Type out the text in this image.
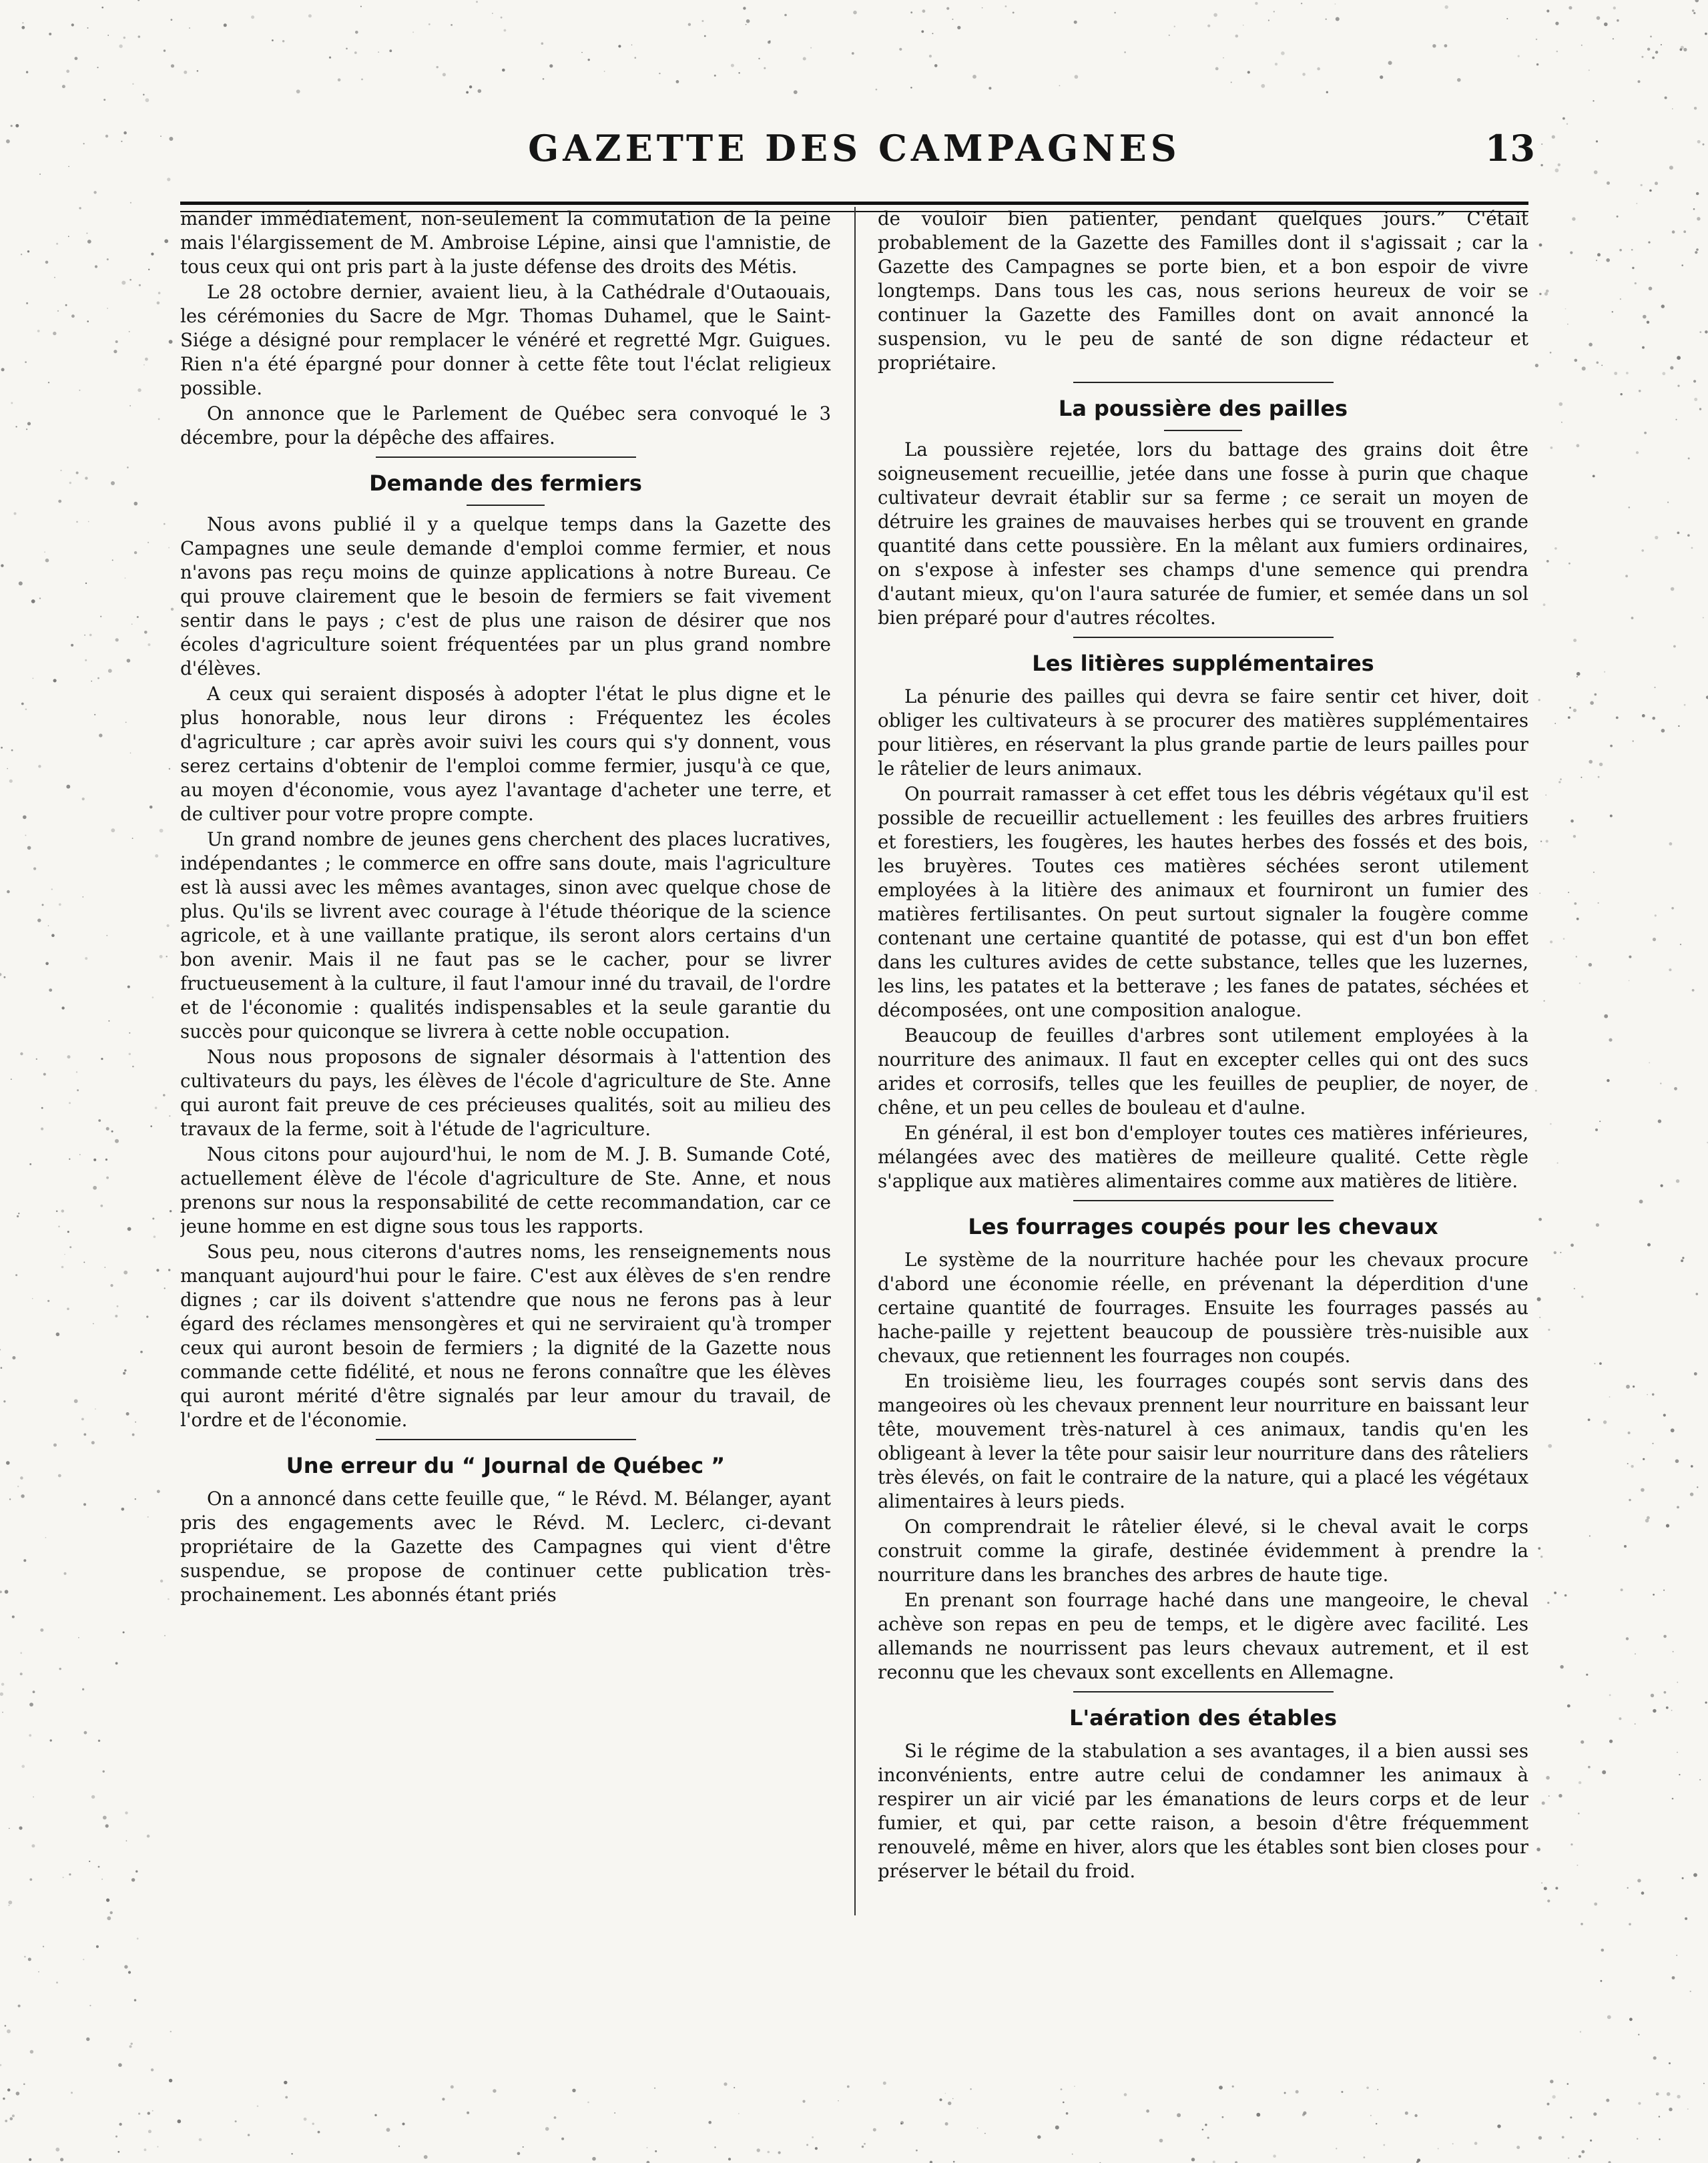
GAZETTE DES CAMPAGNES	13

mander immédiatement, non-seulement la commutation de la peine mais l'élargissement de M. Ambroise Lépine, ainsi que l'amnistie, de tous ceux qui ont pris part à la juste défense des droits des Métis.

Le 28 octobre dernier, avaient lieu, à la Cathédrale d'Outaouais, les cérémonies du Sacre de Mgr. Thomas Duhamel, que le Saint-Siége a désigné pour remplacer le vénéré et regretté Mgr. Guigues. Rien n'a été épargné pour donner à cette fête tout l'éclat religieux possible.

On annonce que le Parlement de Québec sera convoqué le 3 décembre, pour la dépêche des affaires.

Demande des fermiers

Nous avons publié il y a quelque temps dans la Gazette des Campagnes une seule demande d'emploi comme fermier, et nous n'avons pas reçu moins de quinze applications à notre Bureau. Ce qui prouve clairement que le besoin de fermiers se fait vivement sentir dans le pays ; c'est de plus une raison de désirer que nos écoles d'agriculture soient fréquentées par un plus grand nombre d'élèves.

A ceux qui seraient disposés à adopter l'état le plus digne et le plus honorable, nous leur dirons : Fréquentez les écoles d'agriculture ; car après avoir suivi les cours qui s'y donnent, vous serez certains d'obtenir de l'emploi comme fermier, jusqu'à ce que, au moyen d'économie, vous ayez l'avantage d'acheter une terre, et de cultiver pour votre propre compte.

Un grand nombre de jeunes gens cherchent des places lucratives, indépendantes ; le commerce en offre sans doute, mais l'agriculture est là aussi avec les mêmes avantages, sinon avec quelque chose de plus. Qu'ils se livrent avec courage à l'étude théorique de la science agricole, et à une vaillante pratique, ils seront alors certains d'un bon avenir. Mais il ne faut pas se le cacher, pour se livrer fructueusement à la culture, il faut l'amour inné du travail, de l'ordre et de l'économie : qualités indispensables et la seule garantie du succès pour quiconque se livrera à cette noble occupation.

Nous nous proposons de signaler désormais à l'attention des cultivateurs du pays, les élèves de l'école d'agriculture de Ste. Anne qui auront fait preuve de ces précieuses qualités, soit au milieu des travaux de la ferme, soit à l'étude de l'agriculture.

Nous citons pour aujourd'hui, le nom de M. J. B. Sumande Coté, actuellement élève de l'école d'agriculture de Ste. Anne, et nous prenons sur nous la responsabilité de cette recommandation, car ce jeune homme en est digne sous tous les rapports.

Sous peu, nous citerons d'autres noms, les renseignements nous manquant aujourd'hui pour le faire. C'est aux élèves de s'en rendre dignes ; car ils doivent s'attendre que nous ne ferons pas à leur égard des réclames mensongères et qui ne serviraient qu'à tromper ceux qui auront besoin de fermiers ; la dignité de la Gazette nous commande cette fidélité, et nous ne ferons connaître que les élèves qui auront mérité d'être signalés par leur amour du travail, de l'ordre et de l'économie.

Une erreur du “ Journal de Québec ”

On a annoncé dans cette feuille que, “ le Révd. M. Bélanger, ayant pris des engagements avec le Révd. M. Leclerc, ci-devant propriétaire de la Gazette des Campagnes qui vient d'être suspendue, se propose de continuer cette publication très-prochainement. Les abonnés étant priés

de vouloir bien patienter, pendant quelques jours.” C'était probablement de la Gazette des Familles dont il s'agissait ; car la Gazette des Campagnes se porte bien, et a bon espoir de vivre longtemps. Dans tous les cas, nous serions heureux de voir se continuer la Gazette des Familles dont on avait annoncé la suspension, vu le peu de santé de son digne rédacteur et propriétaire.

La poussière des pailles

La poussière rejetée, lors du battage des grains doit être soigneusement recueillie, jetée dans une fosse à purin que chaque cultivateur devrait établir sur sa ferme ; ce serait un moyen de détruire les graines de mauvaises herbes qui se trouvent en grande quantité dans cette poussière. En la mêlant aux fumiers ordinaires, on s'expose à infester ses champs d'une semence qui prendra d'autant mieux, qu'on l'aura saturée de fumier, et semée dans un sol bien préparé pour d'autres récoltes.

Les litières supplémentaires

La pénurie des pailles qui devra se faire sentir cet hiver, doit obliger les cultivateurs à se procurer des matières supplémentaires pour litières, en réservant la plus grande partie de leurs pailles pour le râtelier de leurs animaux.

On pourrait ramasser à cet effet tous les débris végétaux qu'il est possible de recueillir actuellement : les feuilles des arbres fruitiers et forestiers, les fougères, les hautes herbes des fossés et des bois, les bruyères. Toutes ces matières séchées seront utilement employées à la litière des animaux et fourniront un fumier des matières fertilisantes. On peut surtout signaler la fougère comme contenant une certaine quantité de potasse, qui est d'un bon effet dans les cultures avides de cette substance, telles que les luzernes, les lins, les patates et la betterave ; les fanes de patates, séchées et décomposées, ont une composition analogue.

Beaucoup de feuilles d'arbres sont utilement employées à la nourriture des animaux. Il faut en excepter celles qui ont des sucs arides et corrosifs, telles que les feuilles de peuplier, de noyer, de chêne, et un peu celles de bouleau et d'aulne.

En général, il est bon d'employer toutes ces matières inférieures, mélangées avec des matières de meilleure qualité. Cette règle s'applique aux matières alimentaires comme aux matières de litière.

Les fourrages coupés pour les chevaux

Le système de la nourriture hachée pour les chevaux procure d'abord une économie réelle, en prévenant la déperdition d'une certaine quantité de fourrages. Ensuite les fourrages passés au hache-paille y rejettent beaucoup de poussière très-nuisible aux chevaux, que retiennent les fourrages non coupés.

En troisième lieu, les fourrages coupés sont servis dans des mangeoires où les chevaux prennent leur nourriture en baissant leur tête, mouvement très-naturel à ces animaux, tandis qu'en les obligeant à lever la tête pour saisir leur nourriture dans des râteliers très élevés, on fait le contraire de la nature, qui a placé les végétaux alimentaires à leurs pieds.

On comprendrait le râtelier élevé, si le cheval avait le corps construit comme la girafe, destinée évidemment à prendre la nourriture dans les branches des arbres de haute tige.

En prenant son fourrage haché dans une mangeoire, le cheval achève son repas en peu de temps, et le digère avec facilité. Les allemands ne nourrissent pas leurs chevaux autrement, et il est reconnu que les chevaux sont excellents en Allemagne.

L'aération des étables

Si le régime de la stabulation a ses avantages, il a bien aussi ses inconvénients, entre autre celui de condamner les animaux à respirer un air vicié par les émanations de leurs corps et de leur fumier, et qui, par cette raison, a besoin d'être fréquemment renouvelé, même en hiver, alors que les étables sont bien closes pour préserver le bétail du froid.
